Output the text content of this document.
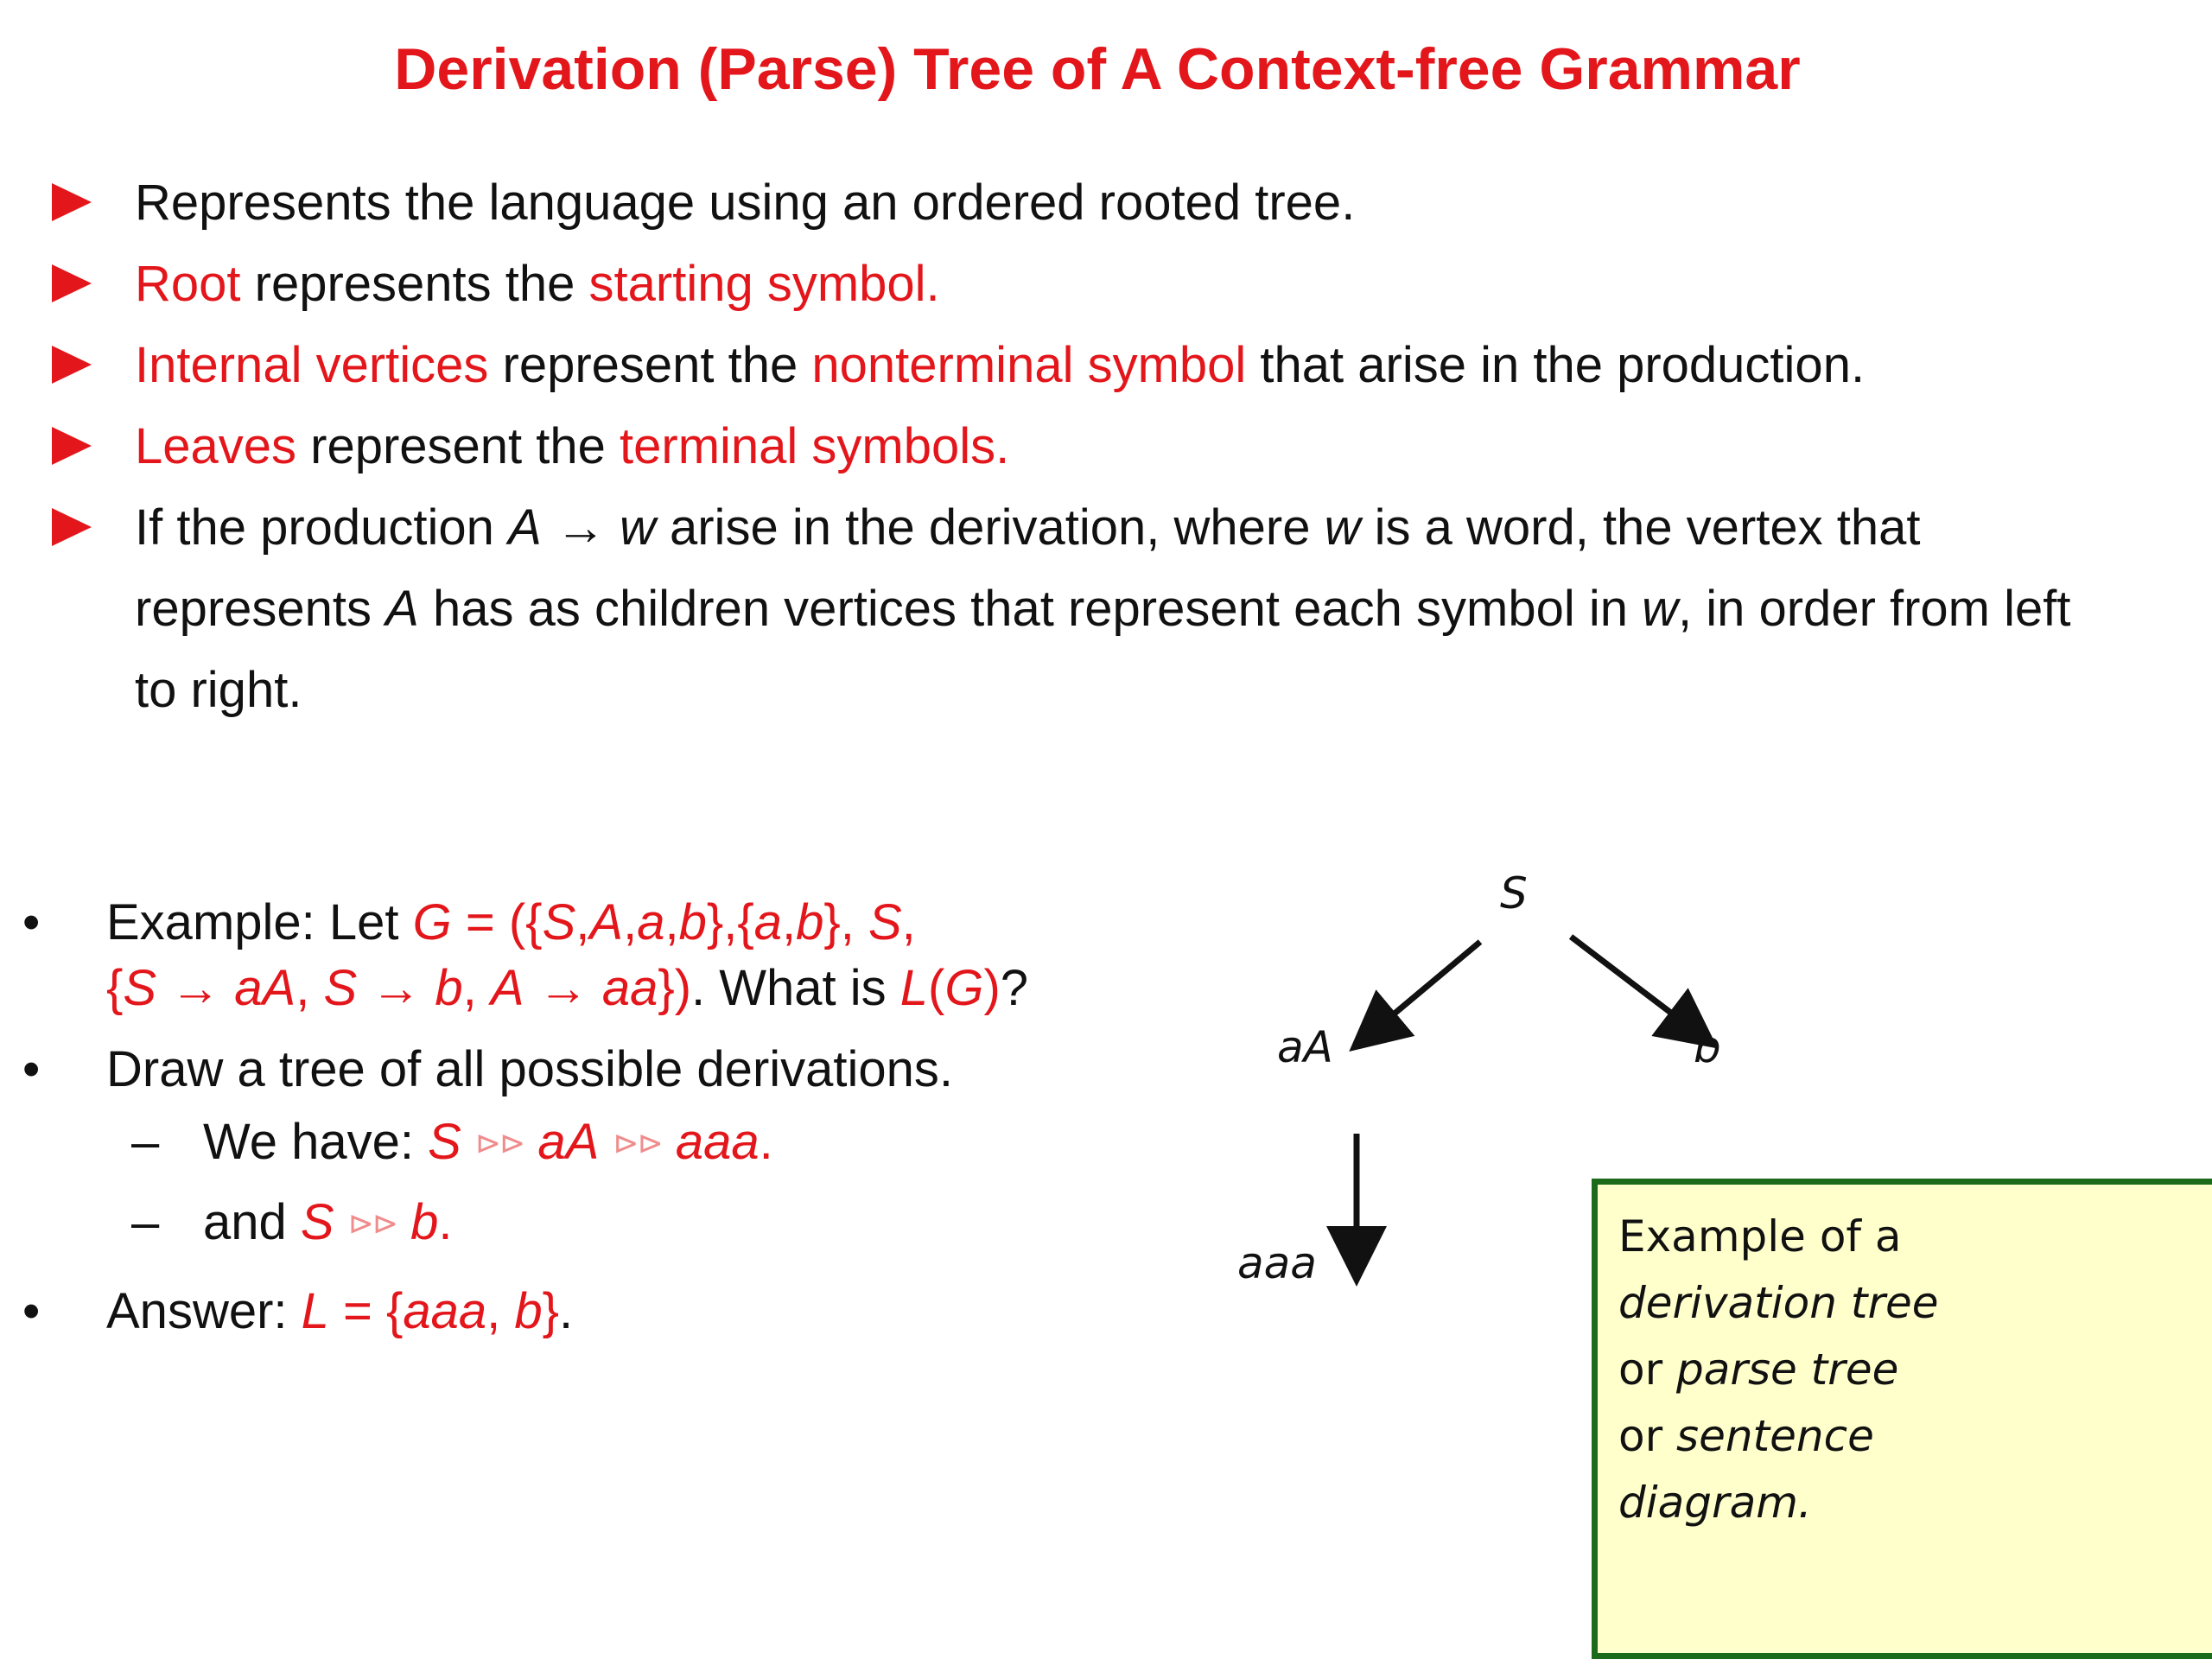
Derivation (Parse) Tree of A Context-free Grammar
Represents the language using an ordered rooted tree.
Root represents the starting symbol.
Internal vertices represent the nonterminal symbol that arise in the production.
Leaves represent the terminal symbols.
If the production A → w arise in the derivation, where w is a word, the vertex that
represents A has as children vertices that represent each symbol in w, in order from left
to right.
• Example: Let G = ({S,A,a,b},{a,b}, S,
{S → aA, S → b, A → aa}). What is L(G)?
• Draw a tree of all possible derivations.
– We have: S ⊳⊳ aA ⊳⊳ aaa.
– and S ⊳⊳ b.
• Answer: L = {aaa, b}.
S
aA	b
aaa
Example of a
derivation tree
or parse tree
or sentence
diagram.
